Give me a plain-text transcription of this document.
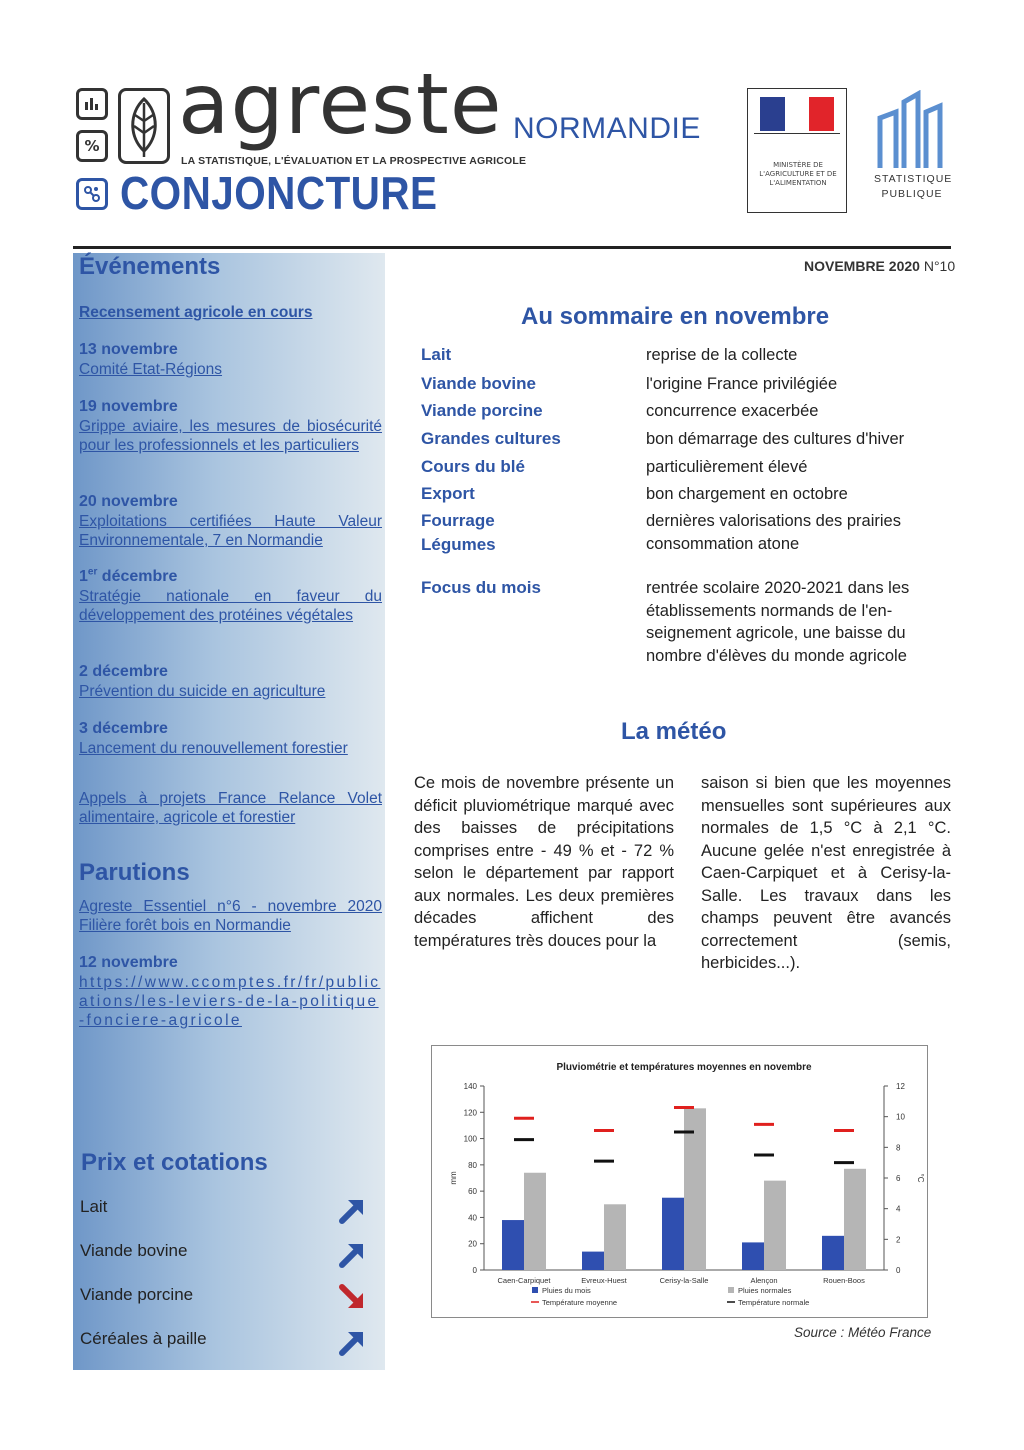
% agreste
LA STATISTIQUE, L'ÉVALUATION ET LA PROSPECTIVE AGRICOLE
CONJONCTURE
NORMANDIE
MINISTÈRE DE L'AGRICULTURE ET DE L'ALIMENTATION	STATISTIQUE
PUBLIQUE
Événements
Recensement agricole en cours
13 novembre
Comité Etat-Régions
19 novembre
Grippe aviaire, les mesures de biosécurité pour les professionnels et les particuliers
20 novembre
Exploitations certifiées Haute Valeur Environnementale, 7 en Normandie
1er décembre
Stratégie nationale en faveur du développement des protéines végétales
2 décembre
Prévention du suicide en agriculture
3 décembre
Lancement du renouvellement forestier
Appels à projets France Relance Volet alimentaire, agricole et forestier
Parutions
Agreste Essentiel n°6 - novembre 2020 Filière forêt bois en Normandie
12 novembre
https://www.ccomptes.fr/fr/publications/les-leviers-de-la-politique-fonciere-agricole
Prix et cotations
Lait
Viande bovine
Viande porcine
Céréales à paille
NOVEMBRE 2020 N°10
Au sommaire en novembre
Lait	reprise de la collecte
Viande bovine	l'origine France privilégiée
Viande porcine	concurrence exacerbée
Grandes cultures	bon démarrage des cultures d'hiver
Cours du blé	particulièrement élevé
Export	bon chargement en octobre
Fourrage	dernières valorisations des prairies
Légumes	consommation atone
Focus du mois	rentrée scolaire 2020-2021 dans les établissements normands de l'en-seignement agricole, une baisse du nombre d'élèves du monde agricole
La météo
Ce mois de novembre présente un déficit pluviométrique marqué avec des baisses de précipitations comprises entre - 49 % et - 72 % selon le département par rapport aux normales. Les deux premières décades affichent des températures très douces pour la
saison si bien que les moyennes mensuelles sont supérieures aux normales de 1,5 °C à 2,1 °C. Aucune gelée n'est enregistrée à Caen-Carpiquet et à Cerisy-la-Salle. Les travaux dans les champs peuvent être avancés correctement (semis, herbicides...).
Pluviométrie et températures moyennes en novembre
0
20
40
60
80
100
120
140
0
2
4
6
8
10
12
mm	°C
Caen-Carpiquet	Evreux-Huest	Cerisy-la-Salle	Alençon	Rouen-Boos
Pluies du mois	Pluies normales
Température moyenne	Température normale
Source : Météo France
